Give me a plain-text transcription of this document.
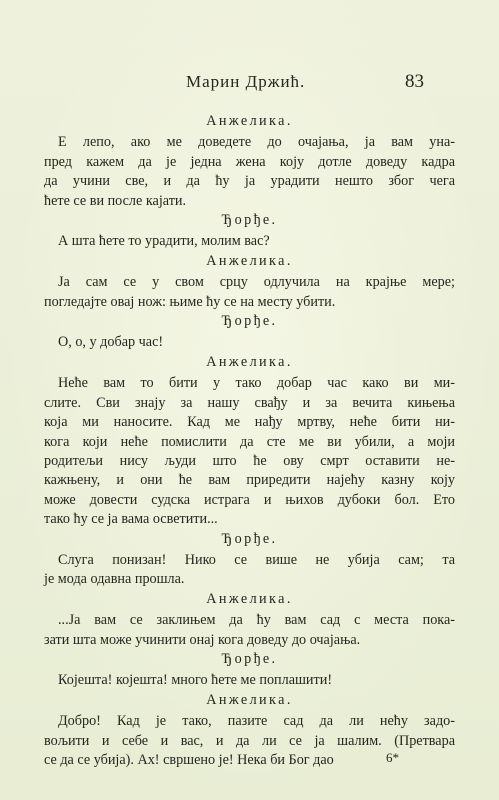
Марин Држић.	83
Анжелика.
Е лепо, ако ме доведете до очајања, ја вам уна-
пред кажем да је једна жена коју дотле доведу кадра
да учини све, и да ћу ја урадити нешто због чега
ћете се ви после кајати.
Ђорђе.
А шта ћете то урадити, молим вас?
Анжелика.
Ја сам се у свом срцу одлучила на крајње мере;
погледајте овај нож: њиме ћу се на месту убити.
Ђорђе.
О, о, у добар час!
Анжелика.
Неће вам то бити у тако добар час како ви ми-
слите. Сви знају за нашу свађу и за вечита кињења
која ми наносите. Кад ме нађу мртву, неће бити ни-
кога који неће помислити да сте ме ви убили, а моји
родитељи нису људи што ће ову смрт оставити не-
кажњену, и они ће вам приредити најећу казну коју
може довести судска истрага и њихов дубоки бол. Ето
тако ћу се ја вама осветити...
Ђорђе.
Слуга понизан! Нико се више не убија сам; та
је мода одавна прошла.
Анжелика.
...Ја вам се заклињем да ћу вам сад с места пока-
зати шта може учинити онај кога доведу до очајања.
Ђорђе.
Којешта! којешта! много ћете ме поплашити!
Анжелика.
Добро! Кад је тако, пазите сад да ли нећу задо-
вољити и себе и вас, и да ли се ја шалим. (Претвара
се да се убија). Ах! свршено је! Нека би Бог дао	6*
